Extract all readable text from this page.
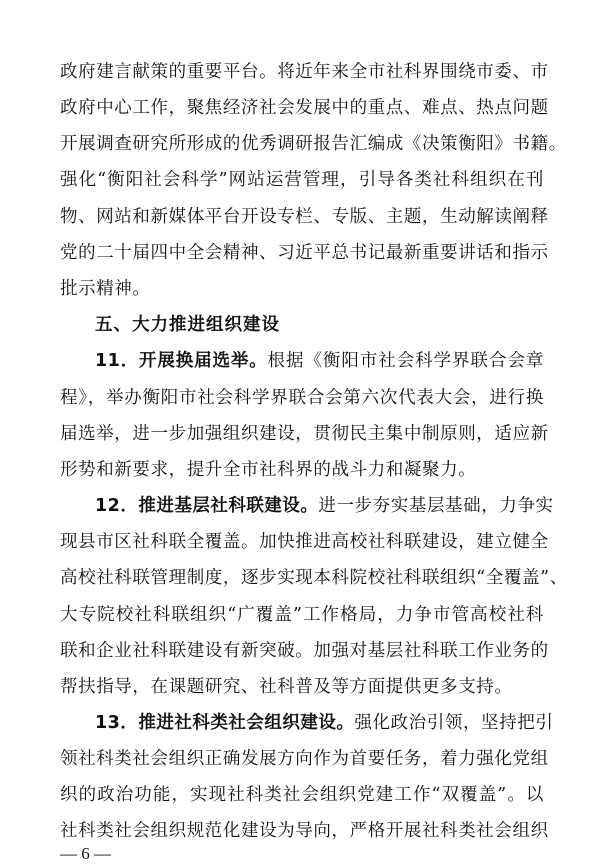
政府建言献策的重要平台。将近年来全市社科界围绕市委、市
政府中心工作，聚焦经济社会发展中的重点、难点、热点问题
开展调查研究所形成的优秀调研报告汇编成《决策衡阳》书籍。
强化“衡阳社会科学”网站运营管理，引导各类社科组织在刊
物、网站和新媒体平台开设专栏、专版、主题，生动解读阐释
党的二十届四中全会精神、习近平总书记最新重要讲话和指示
批示精神。
五、大力推进组织建设
11．开展换届选举。根据《衡阳市社会科学界联合会章
程》，举办衡阳市社会科学界联合会第六次代表大会，进行换
届选举，进一步加强组织建设，贯彻民主集中制原则，适应新
形势和新要求，提升全市社科界的战斗力和凝聚力。
12．推进基层社科联建设。进一步夯实基层基础，力争实
现县市区社科联全覆盖。加快推进高校社科联建设，建立健全
高校社科联管理制度，逐步实现本科院校社科联组织“全覆盖”、
大专院校社科联组织“广覆盖”工作格局，力争市管高校社科
联和企业社科联建设有新突破。加强对基层社科联工作业务的
帮扶指导，在课题研究、社科普及等方面提供更多支持。
13．推进社科类社会组织建设。强化政治引领，坚持把引
领社科类社会组织正确发展方向作为首要任务，着力强化党组
织的政治功能，实现社科类社会组织党建工作“双覆盖”。以
社科类社会组织规范化建设为导向，严格开展社科类社会组织
— 6 —
